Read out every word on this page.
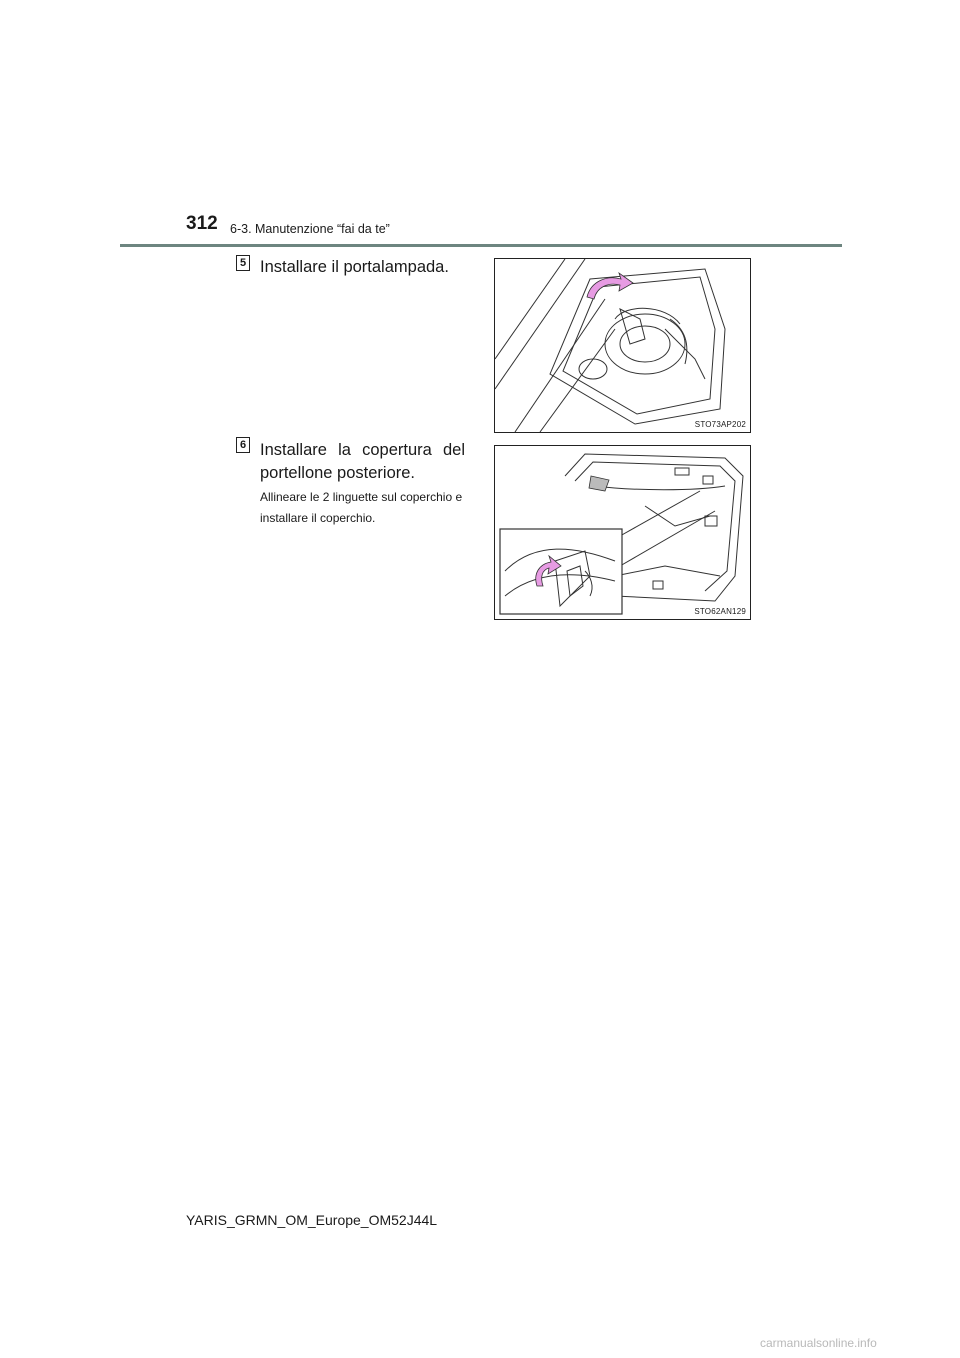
312 6-3. Manutenzione “fai da te”
5 Installare il portalampada.
STO73AP202
6 Installare la copertura del portellone posteriore.
Allineare le 2 linguette sul coperchio e installare il coperchio.
STO62AN129
YARIS_GRMN_OM_Europe_OM52J44L
carmanualsonline.info
